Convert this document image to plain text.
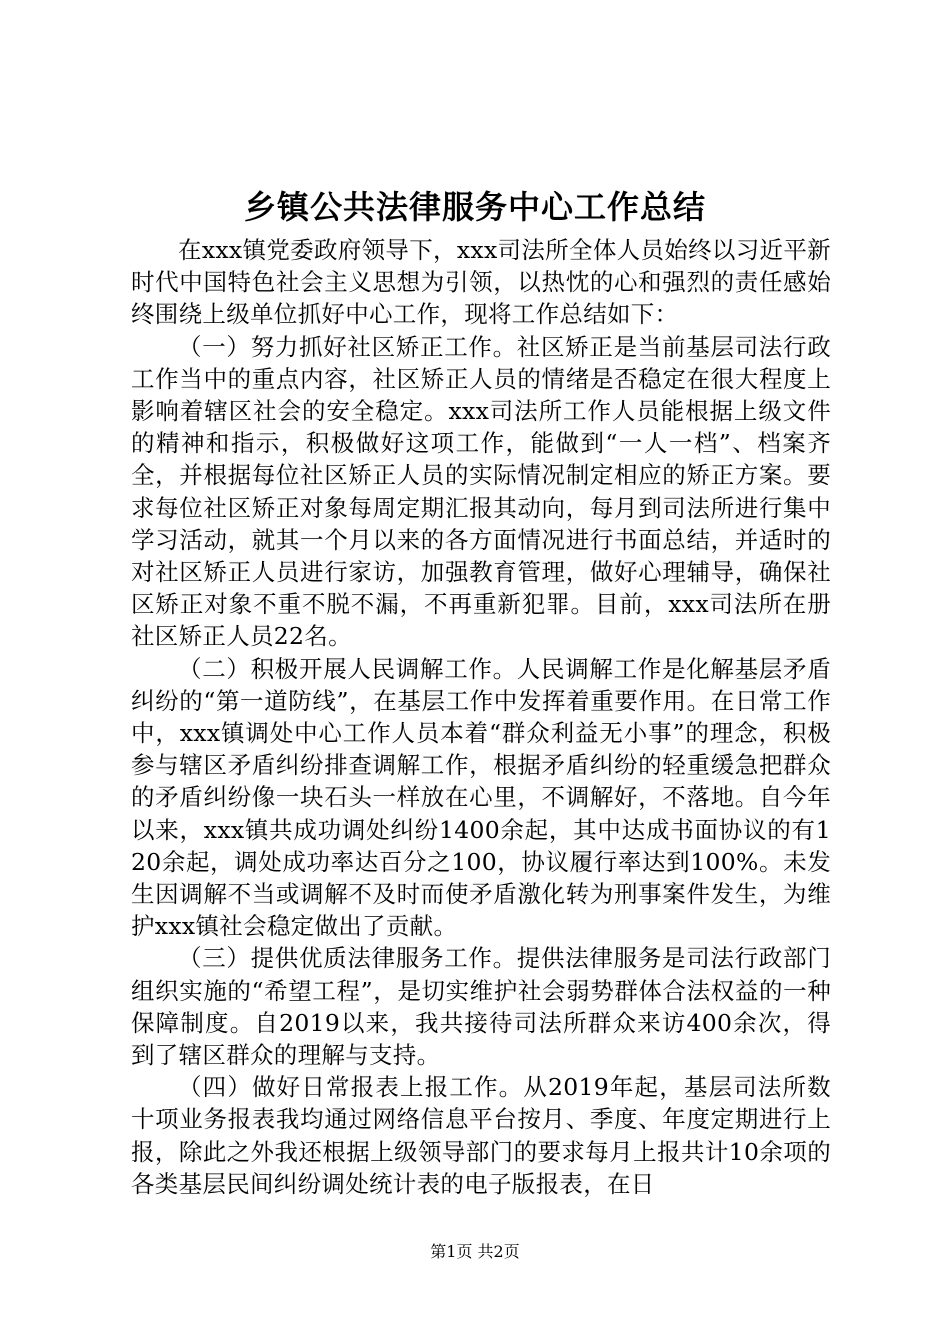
乡镇公共法律服务中心工作总结

在xxx镇党委政府领导下，xxx司法所全体人员始终以习近平新时代中国特色社会主义思想为引领，以热忱的心和强烈的责任感始终围绕上级单位抓好中心工作，现将工作总结如下：

（一）努力抓好社区矫正工作。社区矫正是当前基层司法行政工作当中的重点内容，社区矫正人员的情绪是否稳定在很大程度上影响着辖区社会的安全稳定。xxx司法所工作人员能根据上级文件的精神和指示，积极做好这项工作，能做到“一人一档”、档案齐全，并根据每位社区矫正人员的实际情况制定相应的矫正方案。要求每位社区矫正对象每周定期汇报其动向，每月到司法所进行集中学习活动，就其一个月以来的各方面情况进行书面总结，并适时的对社区矫正人员进行家访，加强教育管理，做好心理辅导，确保社区矫正对象不重不脱不漏，不再重新犯罪。目前，xxx司法所在册社区矫正人员22名。

（二）积极开展人民调解工作。人民调解工作是化解基层矛盾纠纷的“第一道防线”，在基层工作中发挥着重要作用。在日常工作中，xxx镇调处中心工作人员本着“群众利益无小事”的理念，积极参与辖区矛盾纠纷排查调解工作，根据矛盾纠纷的轻重缓急把群众的矛盾纠纷像一块石头一样放在心里，不调解好，不落地。自今年以来，xxx镇共成功调处纠纷1400余起，其中达成书面协议的有120余起，调处成功率达百分之100，协议履行率达到100%。未发生因调解不当或调解不及时而使矛盾激化转为刑事案件发生，为维护xxx镇社会稳定做出了贡献。

（三）提供优质法律服务工作。提供法律服务是司法行政部门组织实施的“希望工程”，是切实维护社会弱势群体合法权益的一种保障制度。自2019以来，我共接待司法所群众来访400余次，得到了辖区群众的理解与支持。

（四）做好日常报表上报工作。从2019年起，基层司法所数十项业务报表我均通过网络信息平台按月、季度、年度定期进行上报，除此之外我还根据上级领导部门的要求每月上报共计10余项的各类基层民间纠纷调处统计表的电子版报表，在日

第1页 共2页
